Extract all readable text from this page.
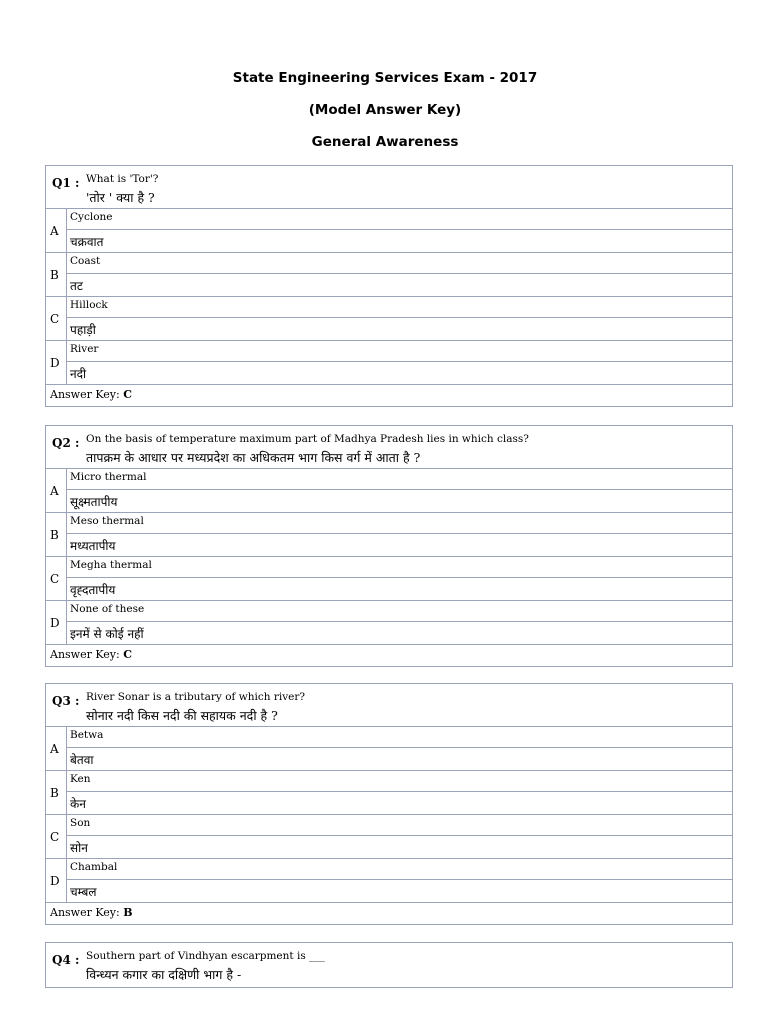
State Engineering Services Exam - 2017
(Model Answer Key)
General Awareness
Q1 : What is 'Tor'?
'तोर ' क्या है ?
A
Cyclone
चक्रवात
B
Coast
तट
C
Hillock
पहाड़ी
D
River
नदी
Answer Key: C
Q2 : On the basis of temperature maximum part of Madhya Pradesh lies in which class?
तापक्रम के आधार पर मध्यप्रदेश का अधिकतम भाग किस वर्ग में आता है ?
A
Micro thermal
सूक्ष्मतापीय
B
Meso thermal
मध्यतापीय
C
Megha thermal
वृह्दतापीय
D
None of these
इनमें से कोई नहीं
Answer Key: C
Q3 : River Sonar is a tributary of which river?
सोनार नदी किस नदी की सहायक नदी है ?
A
Betwa
बेतवा
B
Ken
केन
C
Son
सोन
D
Chambal
चम्बल
Answer Key: B
Q4 : Southern part of Vindhyan escarpment is ___
विन्ध्यन कगार का दक्षिणी भाग है -
